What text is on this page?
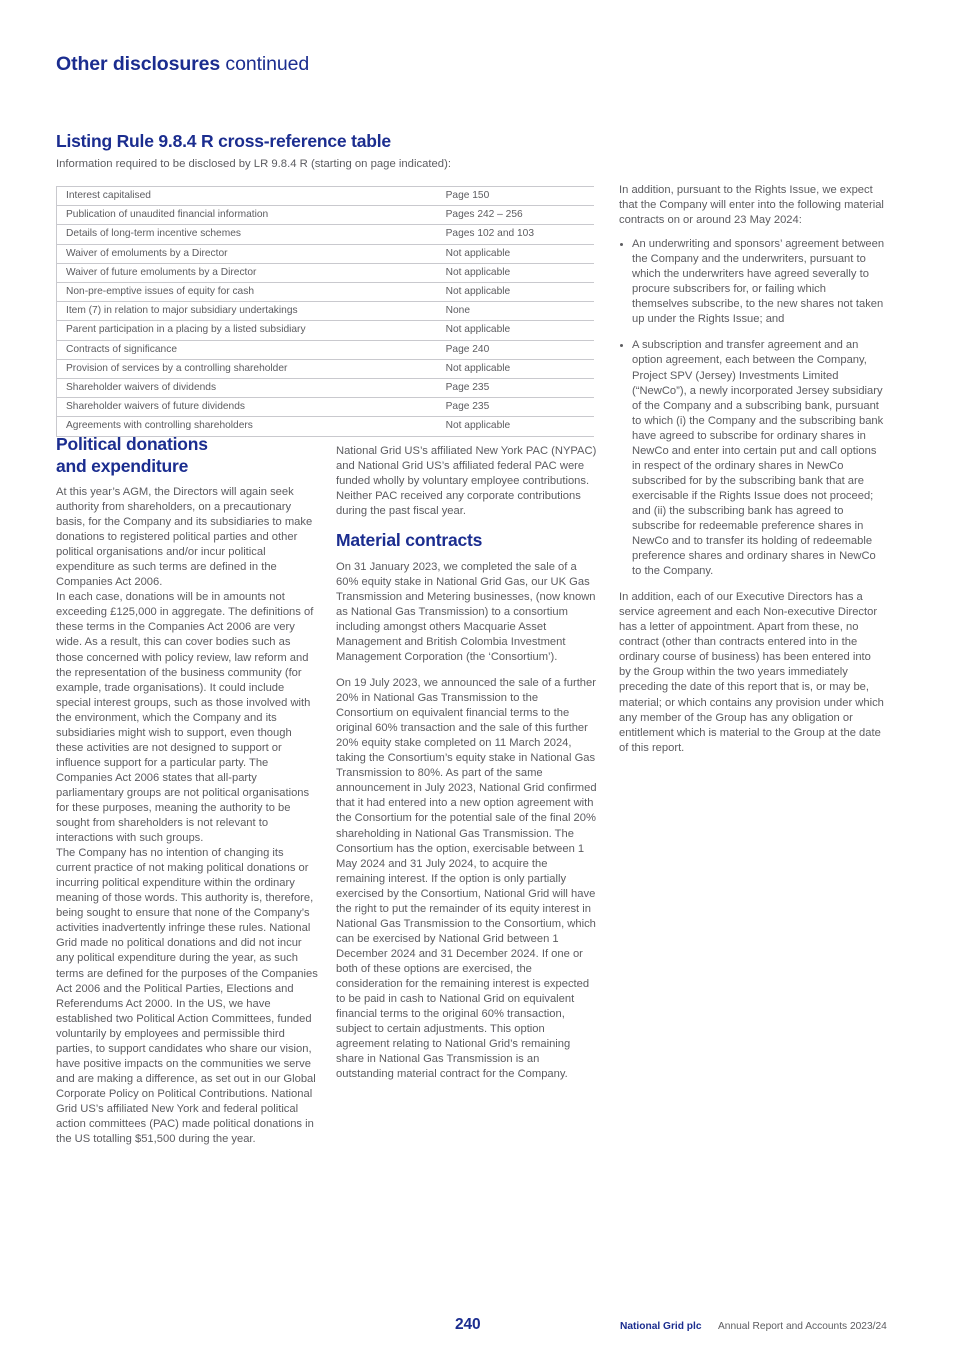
Other disclosures continued
Listing Rule 9.8.4 R cross-reference table
Information required to be disclosed by LR 9.8.4 R (starting on page indicated):
Interest capitalised	Page 150
Publication of unaudited financial information	Pages 242 – 256
Details of long-term incentive schemes	Pages 102 and 103
Waiver of emoluments by a Director	Not applicable
Waiver of future emoluments by a Director	Not applicable
Non-pre-emptive issues of equity for cash	Not applicable
Item (7) in relation to major subsidiary undertakings	None
Parent participation in a placing by a listed subsidiary	Not applicable
Contracts of significance	Page 240
Provision of services by a controlling shareholder	Not applicable
Shareholder waivers of dividends	Page 235
Shareholder waivers of future dividends	Page 235
Agreements with controlling shareholders	Not applicable
Political donations
and expenditure

At this year’s AGM, the Directors will again seek authority from shareholders, on a precautionary basis, for the Company and its subsidiaries to make donations to registered political parties and other political organisations and/or incur political expenditure as such terms are defined in the Companies Act 2006.

In each case, donations will be in amounts not exceeding £125,000 in aggregate. The definitions of these terms in the Companies Act 2006 are very wide. As a result, this can cover bodies such as those concerned with policy review, law reform and the representation of the business community (for example, trade organisations). It could include special interest groups, such as those involved with the environment, which the Company and its subsidiaries might wish to support, even though these activities are not designed to support or influence support for a particular party. The Companies Act 2006 states that all-party parliamentary groups are not political organisations for these purposes, meaning the authority to be sought from shareholders is not relevant to interactions with such groups.

The Company has no intention of changing its current practice of not making political donations or incurring political expenditure within the ordinary meaning of those words. This authority is, therefore, being sought to ensure that none of the Company’s activities inadvertently infringe these rules. National Grid made no political donations and did not incur any political expenditure during the year, as such terms are defined for the purposes of the Companies Act 2006 and the Political Parties, Elections and Referendums Act 2000. In the US, we have established two Political Action Committees, funded voluntarily by employees and permissible third parties, to support candidates who share our vision, have positive impacts on the communities we serve and are making a difference, as set out in our Global Corporate Policy on Political Contributions. National Grid US’s affiliated New York and federal political action committees (PAC) made political donations in the US totalling $51,500 during the year.

National Grid US’s affiliated New York PAC (NYPAC) and National Grid US’s affiliated federal PAC were funded wholly by voluntary employee contributions. Neither PAC received any corporate contributions during the past fiscal year.

Material contracts

On 31 January 2023, we completed the sale of a 60% equity stake in National Grid Gas, our UK Gas Transmission and Metering businesses, (now known as National Gas Transmission) to a consortium including amongst others Macquarie Asset Management and British Colombia Investment Management Corporation (the ‘Consortium’).

On 19 July 2023, we announced the sale of a further 20% in National Gas Transmission to the Consortium on equivalent financial terms to the original 60% transaction and the sale of this further 20% equity stake completed on 11 March 2024, taking the Consortium’s equity stake in National Gas Transmission to 80%. As part of the same announcement in July 2023, National Grid confirmed that it had entered into a new option agreement with the Consortium for the potential sale of the final 20% shareholding in National Gas Transmission. The Consortium has the option, exercisable between 1 May 2024 and 31 July 2024, to acquire the remaining interest. If the option is only partially exercised by the Consortium, National Grid will have the right to put the remainder of its equity interest in National Gas Transmission to the Consortium, which can be exercised by National Grid between 1 December 2024 and 31 December 2024. If one or both of these options are exercised, the consideration for the remaining interest is expected to be paid in cash to National Grid on equivalent financial terms to the original 60% transaction, subject to certain adjustments. This option agreement relating to National Grid’s remaining share in National Gas Transmission is an outstanding material contract for the Company.

In addition, pursuant to the Rights Issue, we expect that the Company will enter into the following material contracts on or around 23 May 2024:

An underwriting and sponsors’ agreement between the Company and the underwriters, pursuant to which the underwriters have agreed severally to procure subscribers for, or failing which themselves subscribe, to the new shares not taken up under the Rights Issue; and
A subscription and transfer agreement and an option agreement, each between the Company, Project SPV (Jersey) Investments Limited (“NewCo”), a newly incorporated Jersey subsidiary of the Company and a subscribing bank, pursuant to which (i) the Company and the subscribing bank have agreed to subscribe for ordinary shares in NewCo and enter into certain put and call options in respect of the ordinary shares in NewCo subscribed for by the subscribing bank that are exercisable if the Rights Issue does not proceed; and (ii) the subscribing bank has agreed to subscribe for redeemable preference shares in NewCo and to transfer its holding of redeemable preference shares and ordinary shares in NewCo to the Company.

In addition, each of our Executive Directors has a service agreement and each Non-executive Director has a letter of appointment. Apart from these, no contract (other than contracts entered into in the ordinary course of business) has been entered into by the Group within the two years immediately preceding the date of this report that is, or may be, material; or which contains any provision under which any member of the Group has any obligation or entitlement which is material to the Group at the date of this report.

240	National Grid plc Annual Report and Accounts 2023/24
